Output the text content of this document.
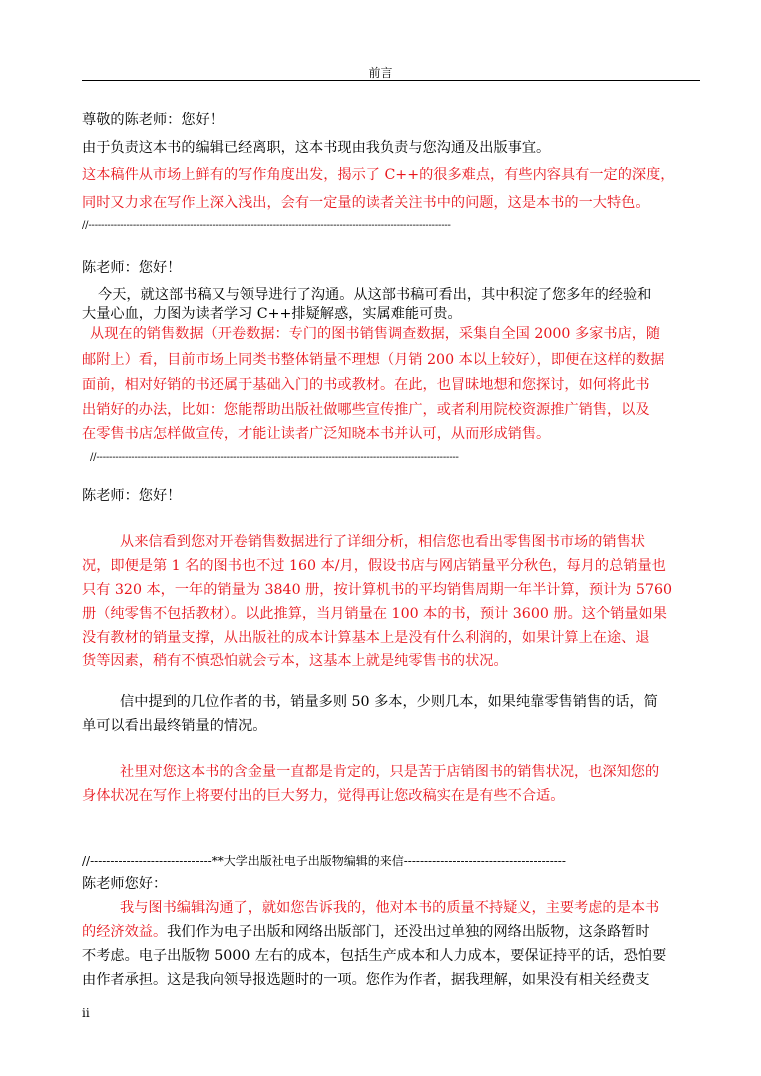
前言
尊敬的陈老师：您好！
由于负责这本书的编辑已经离职，这本书现由我负责与您沟通及出版事宜。
这本稿件从市场上鲜有的写作角度出发，揭示了 C++的很多难点，有些内容具有一定的深度，
同时又力求在写作上深入浅出，会有一定量的读者关注书中的问题，这是本书的一大特色。
//------------------------------------------------------------------------------------------------------------------
陈老师：您好！
今天，就这部书稿又与领导进行了沟通。从这部书稿可看出，其中积淀了您多年的经验和
大量心血，力图为读者学习 C++排疑解惑，实属难能可贵。
从现在的销售数据（开卷数据：专门的图书销售调查数据，采集自全国 2000 多家书店，随
邮附上）看，目前市场上同类书整体销量不理想（月销 200 本以上较好），即便在这样的数据
面前，相对好销的书还属于基础入门的书或教材。在此，也冒昧地想和您探讨，如何将此书
出销好的办法，比如：您能帮助出版社做哪些宣传推广，或者利用院校资源推广销售，以及
在零售书店怎样做宣传，才能让读者广泛知晓本书并认可，从而形成销售。
//------------------------------------------------------------------------------------------------------------------
陈老师：您好！
从来信看到您对开卷销售数据进行了详细分析，相信您也看出零售图书市场的销售状
况，即便是第 1 名的图书也不过 160 本/月，假设书店与网店销量平分秋色，每月的总销量也
只有 320 本，一年的销量为 3840 册，按计算机书的平均销售周期一年半计算，预计为 5760
册（纯零售不包括教材）。以此推算，当月销量在 100 本的书，预计 3600 册。这个销量如果
没有教材的销量支撑，从出版社的成本计算基本上是没有什么利润的，如果计算上在途、退
货等因素，稍有不慎恐怕就会亏本，这基本上就是纯零售书的状况。
信中提到的几位作者的书，销量多则 50 多本，少则几本，如果纯靠零售销售的话，简
单可以看出最终销量的情况。
社里对您这本书的含金量一直都是肯定的，只是苦于店销图书的销售状况，也深知您的
身体状况在写作上将要付出的巨大努力，觉得再让您改稿实在是有些不合适。
//------------------------------**大学出版社电子出版物编辑的来信----------------------------------------
陈老师您好：
我与图书编辑沟通了，就如您告诉我的，他对本书的质量不持疑义，主要考虑的是本书
的经济效益。我们作为电子出版和网络出版部门，还没出过单独的网络出版物，这条路暂时
不考虑。电子出版物 5000 左右的成本，包括生产成本和人力成本，要保证持平的话，恐怕要
由作者承担。这是我向领导报选题时的一项。您作为作者，据我理解，如果没有相关经费支
ii
